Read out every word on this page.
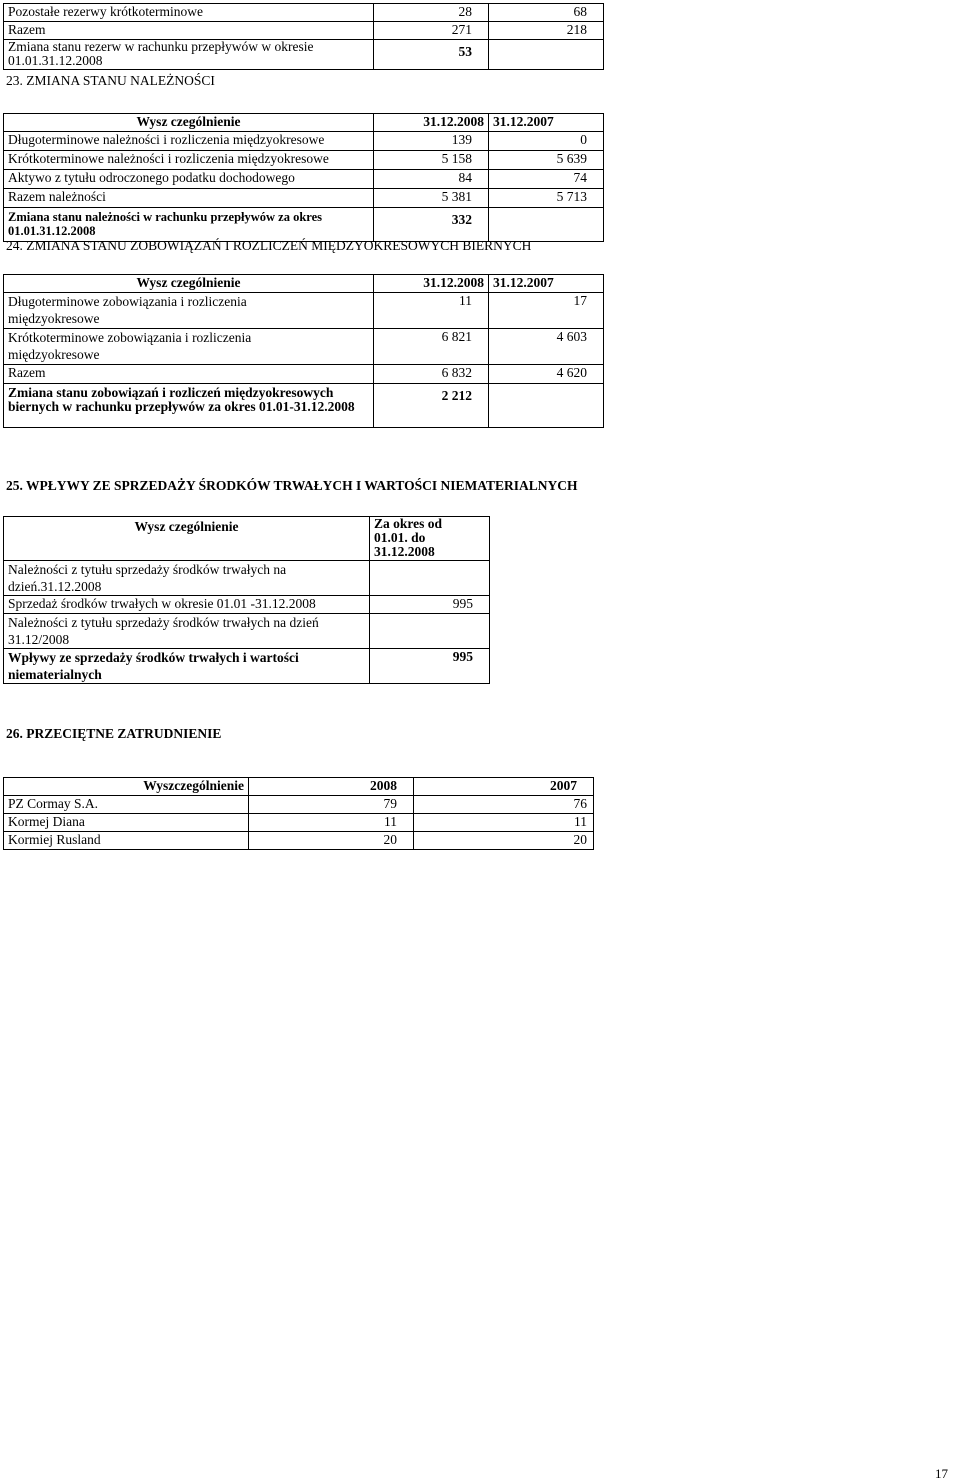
Pozostałe rezerwy krótkoterminowe	28	68
Razem	271	218
Zmiana stanu rezerw w rachunku przepływów w okresie 01.01.31.12.2008	53	
23. ZMIANA STANU NALEŻNOŚCI
Wysz czególnienie	31.12.2008	31.12.2007
Długoterminowe należności i rozliczenia międzyokresowe	139	0
Krótkoterminowe należności i rozliczenia międzyokresowe	5 158	5 639
Aktywo z tytułu odroczonego podatku dochodowego	84	74
Razem należności	5 381	5 713
Zmiana stanu należności w rachunku przepływów za okres 01.01.31.12.2008	332	
24. ZMIANA STANU ZOBOWIĄZAŃ I ROZLICZEŃ MIĘDZYOKRESOWYCH BIERNYCH
Wysz czególnienie	31.12.2008	31.12.2007
Długoterminowe zobowiązania i rozliczenia międzyokresowe	11	17
Krótkoterminowe zobowiązania i rozliczenia międzyokresowe	6 821	4 603
Razem	6 832	4 620
Zmiana stanu zobowiązań i rozliczeń międzyokresowych biernych w rachunku przepływów za okres 01.01-31.12.2008	2 212	
25. WPŁYWY ZE SPRZEDAŻY ŚRODKÓW TRWAŁYCH I WARTOŚCI NIEMATERIALNYCH
Wysz czególnienie	Za okres od 01.01. do 31.12.2008
Należności z tytułu sprzedaży środków trwałych na dzień.31.12.2008	
Sprzedaż środków trwałych w okresie 01.01 -31.12.2008	995
Należności z tytułu sprzedaży środków trwałych na dzień 31.12/2008	
Wpływy ze sprzedaży środków trwałych i wartości niematerialnych	995
26. PRZECIĘTNE ZATRUDNIENIE
Wyszczególnienie	2008	2007
PZ Cormay S.A.	79	76
Kormej Diana	11	11
Kormiej Rusland	20	20
17
